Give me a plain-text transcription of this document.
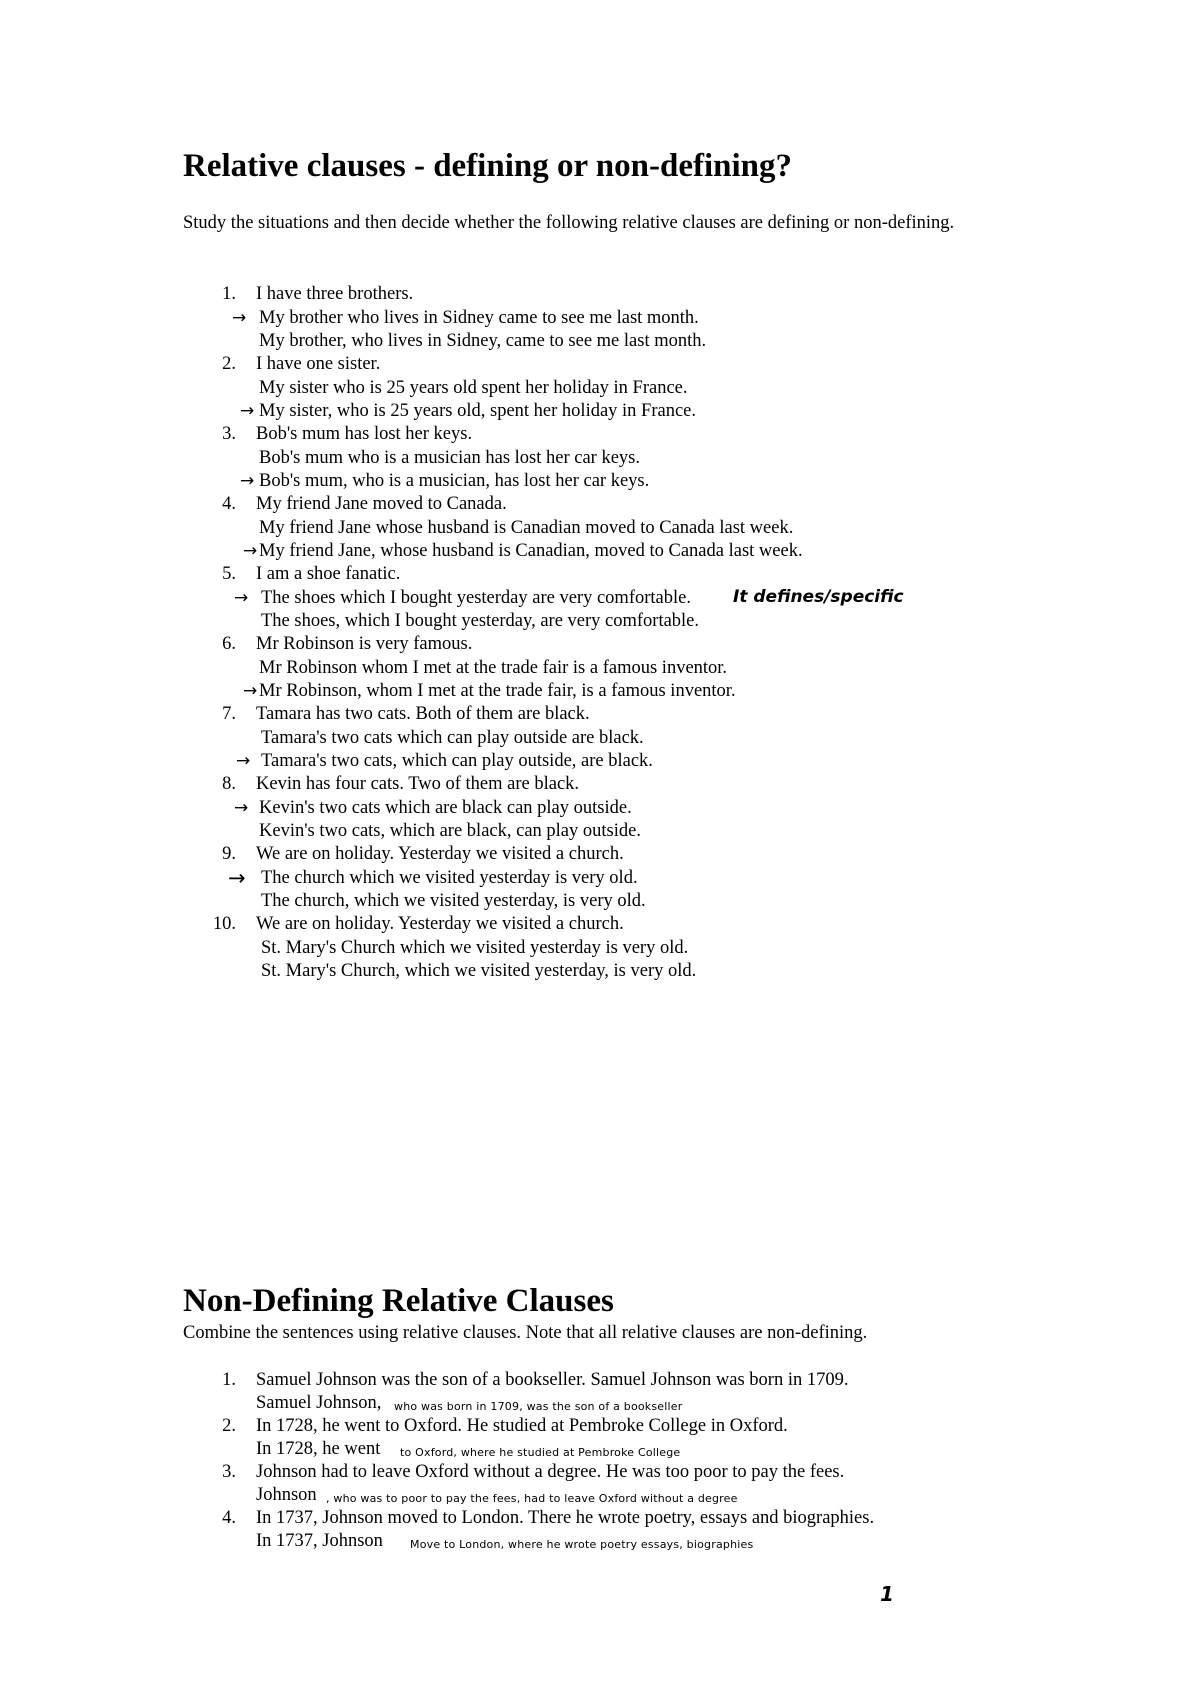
Relative clauses - defining or non-defining?

Study the situations and then decide whether the following relative clauses are defining or non-defining.

1. I have three brothers.
→ My brother who lives in Sidney came to see me last month.
My brother, who lives in Sidney, came to see me last month.
2. I have one sister.
My sister who is 25 years old spent her holiday in France.
→ My sister, who is 25 years old, spent her holiday in France.
3. Bob's mum has lost her keys.
Bob's mum who is a musician has lost her car keys.
→ Bob's mum, who is a musician, has lost her car keys.
4. My friend Jane moved to Canada.
My friend Jane whose husband is Canadian moved to Canada last week.
→ My friend Jane, whose husband is Canadian, moved to Canada last week.
5. I am a shoe fanatic.
→ The shoes which I bought yesterday are very comfortable. It defines/specific
The shoes, which I bought yesterday, are very comfortable.
6. Mr Robinson is very famous.
Mr Robinson whom I met at the trade fair is a famous inventor.
→ Mr Robinson, whom I met at the trade fair, is a famous inventor.
7. Tamara has two cats. Both of them are black.
Tamara's two cats which can play outside are black.
→ Tamara's two cats, which can play outside, are black.
8. Kevin has four cats. Two of them are black.
→ Kevin's two cats which are black can play outside.
Kevin's two cats, which are black, can play outside.
9. We are on holiday. Yesterday we visited a church.
→ The church which we visited yesterday is very old.
The church, which we visited yesterday, is very old.
10. We are on holiday. Yesterday we visited a church.
St. Mary's Church which we visited yesterday is very old.
St. Mary's Church, which we visited yesterday, is very old.
Non-Defining Relative Clauses

Combine the sentences using relative clauses. Note that all relative clauses are non-defining.

1. Samuel Johnson was the son of a bookseller. Samuel Johnson was born in 1709.
Samuel Johnson, who was born in 1709, was the son of a bookseller
2. In 1728, he went to Oxford. He studied at Pembroke College in Oxford.
In 1728, he went to Oxford, where he studied at Pembroke College
3. Johnson had to leave Oxford without a degree. He was too poor to pay the fees.
Johnson , who was to poor to pay the fees, had to leave Oxford without a degree
4. In 1737, Johnson moved to London. There he wrote poetry, essays and biographies.
In 1737, Johnson Move to London, where he wrote poetry essays, biographies
1
